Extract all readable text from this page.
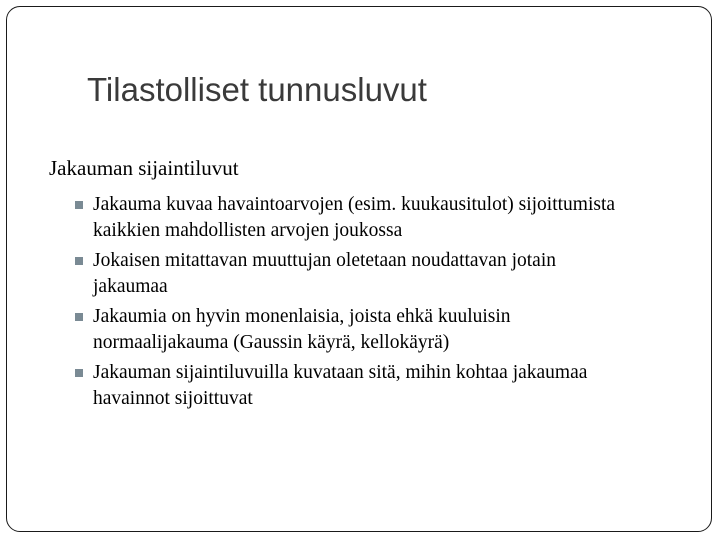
Tilastolliset tunnusluvut
Jakauman sijaintiluvut
Jakauma kuvaa havaintoarvojen (esim. kuukausitulot) sijoittumista
kaikkien mahdollisten arvojen joukossa
Jokaisen mitattavan muuttujan oletetaan noudattavan jotain
jakaumaa
Jakaumia on hyvin monenlaisia, joista ehkä kuuluisin
normaalijakauma (Gaussin käyrä, kellokäyrä)
Jakauman sijaintiluvuilla kuvataan sitä, mihin kohtaa jakaumaa
havainnot sijoittuvat
